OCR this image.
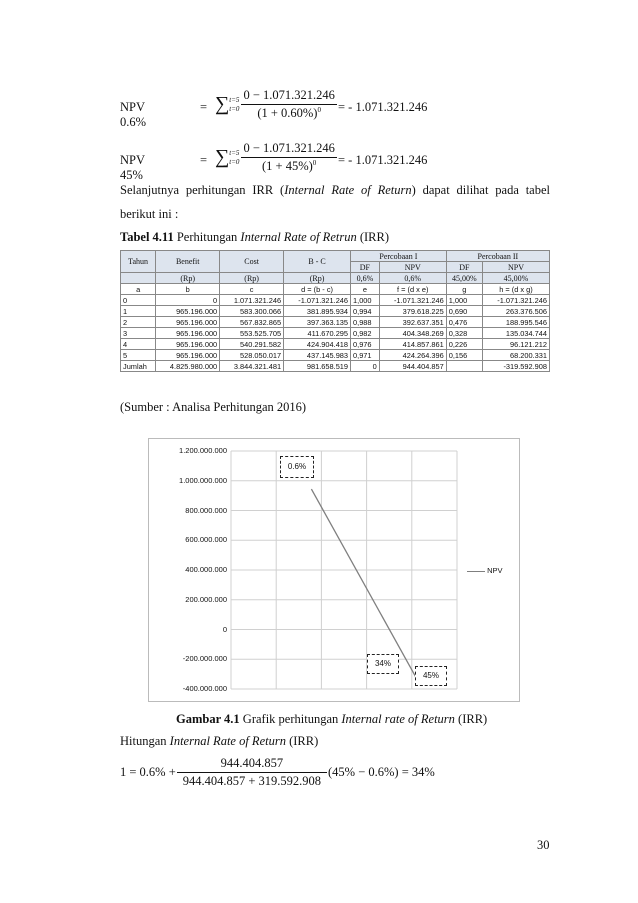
NPV 0.6%
= ∑ t=5
$t=0 \frac{0 - 1.071.321.246}{(1 + 0.60\%)^0}$ = - 1.071.321.246
NPV 45%
= ∑ t=5
$t=0 \frac{0 - 1.071.321.246}{(1 + 45\%)^0}$ = - 1.071.321.246
Selanjutnya perhitungan IRR (Internal Rate of Return) dapat dilihat pada tabel
berikut ini :
Tabel 4.11 Perhitungan Internal Rate of Retrun (IRR)
Tahun	Benefit	Cost	B - C	Percobaan I		Percobaan II	
				DF	NPV	DF	NPV
	(Rp)	(Rp)	(Rp)	0,6%	0,6%	45,00%	45,00%
a	b	c	d = (b - c)	e	f = (d x e)	g	h = (d x g)
0	0	1.071.321.246	-1.071.321.246	1,000	-1.071.321.246	1,000	-1.071.321.246
1	965.196.000	583.300.066	381.895.934	0,994	379.618.225	0,690	263.376.506
2	965.196.000	567.832.865	397.363.135	0,988	392.637.351	0,476	188.995.546
3	965.196.000	553.525.705	411.670.295	0,982	404.348.269	0,328	135.034.744
4	965.196.000	540.291.582	424.904.418	0,976	414.857.861	0,226	96.121.212
5	965.196.000	528.050.017	437.145.983	0,971	424.264.396	0,156	68.200.331
Jumlah	4.825.980.000	3.844.321.481	981.658.519	0	944.404.857		-319.592.908
(Sumber : Analisa Perhitungan 2016)
1.200.000.000
1.000.000.000
800.000.000
600.000.000
400.000.000
200.000.000
0
-200.000.000
-400.000.000
0.6%
34%
45%
NPV
Gambar 4.1 Grafik perhitungan Internal rate of Return (IRR)
Hitungan Internal Rate of Return (IRR)
$1 = 0.6\% + \frac{944.404.857}{944.404.857 + 319.592.908} (45\% - 0.6\%) = 34\%$
30
